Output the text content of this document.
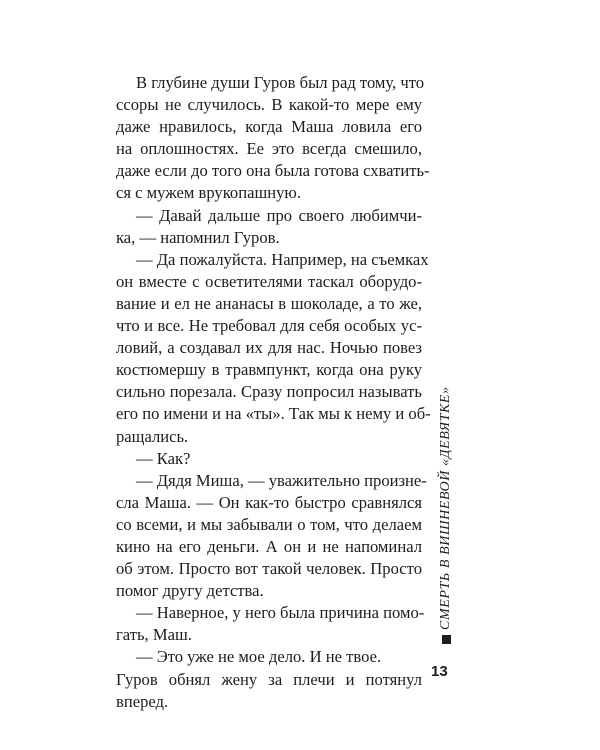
В глубине души Гуров был рад тому, что
ссоры не случилось. В какой-то мере ему
даже нравилось, когда Маша ловила его
на оплошностях. Ее это всегда смешило,
даже если до того она была готова схватить-
ся с мужем врукопашную.
— Давай дальше про своего любимчи-
ка, — напомнил Гуров.
— Да пожалуйста. Например, на съемках
он вместе с осветителями таскал оборудо-
вание и ел не ананасы в шоколаде, а то же,
что и все. Не требовал для себя особых ус-
ловий, а создавал их для нас. Ночью повез
костюмершу в травмпункт, когда она руку
сильно порезала. Сразу попросил называть
его по имени и на «ты». Так мы к нему и об-
ращались.
— Как?
— Дядя Миша, — уважительно произне-
сла Маша. — Он как-то быстро сравнялся
со всеми, и мы забывали о том, что делаем
кино на его деньги. А он и не напоминал
об этом. Просто вот такой человек. Просто
помог другу детства.
— Наверное, у него была причина помо-
гать, Маш.
— Это уже не мое дело. И не твое.
Гуров обнял жену за плечи и потянул
вперед.
СМЕРТЬ В ВИШНЕВОЙ «ДЕВЯТКЕ»
13
